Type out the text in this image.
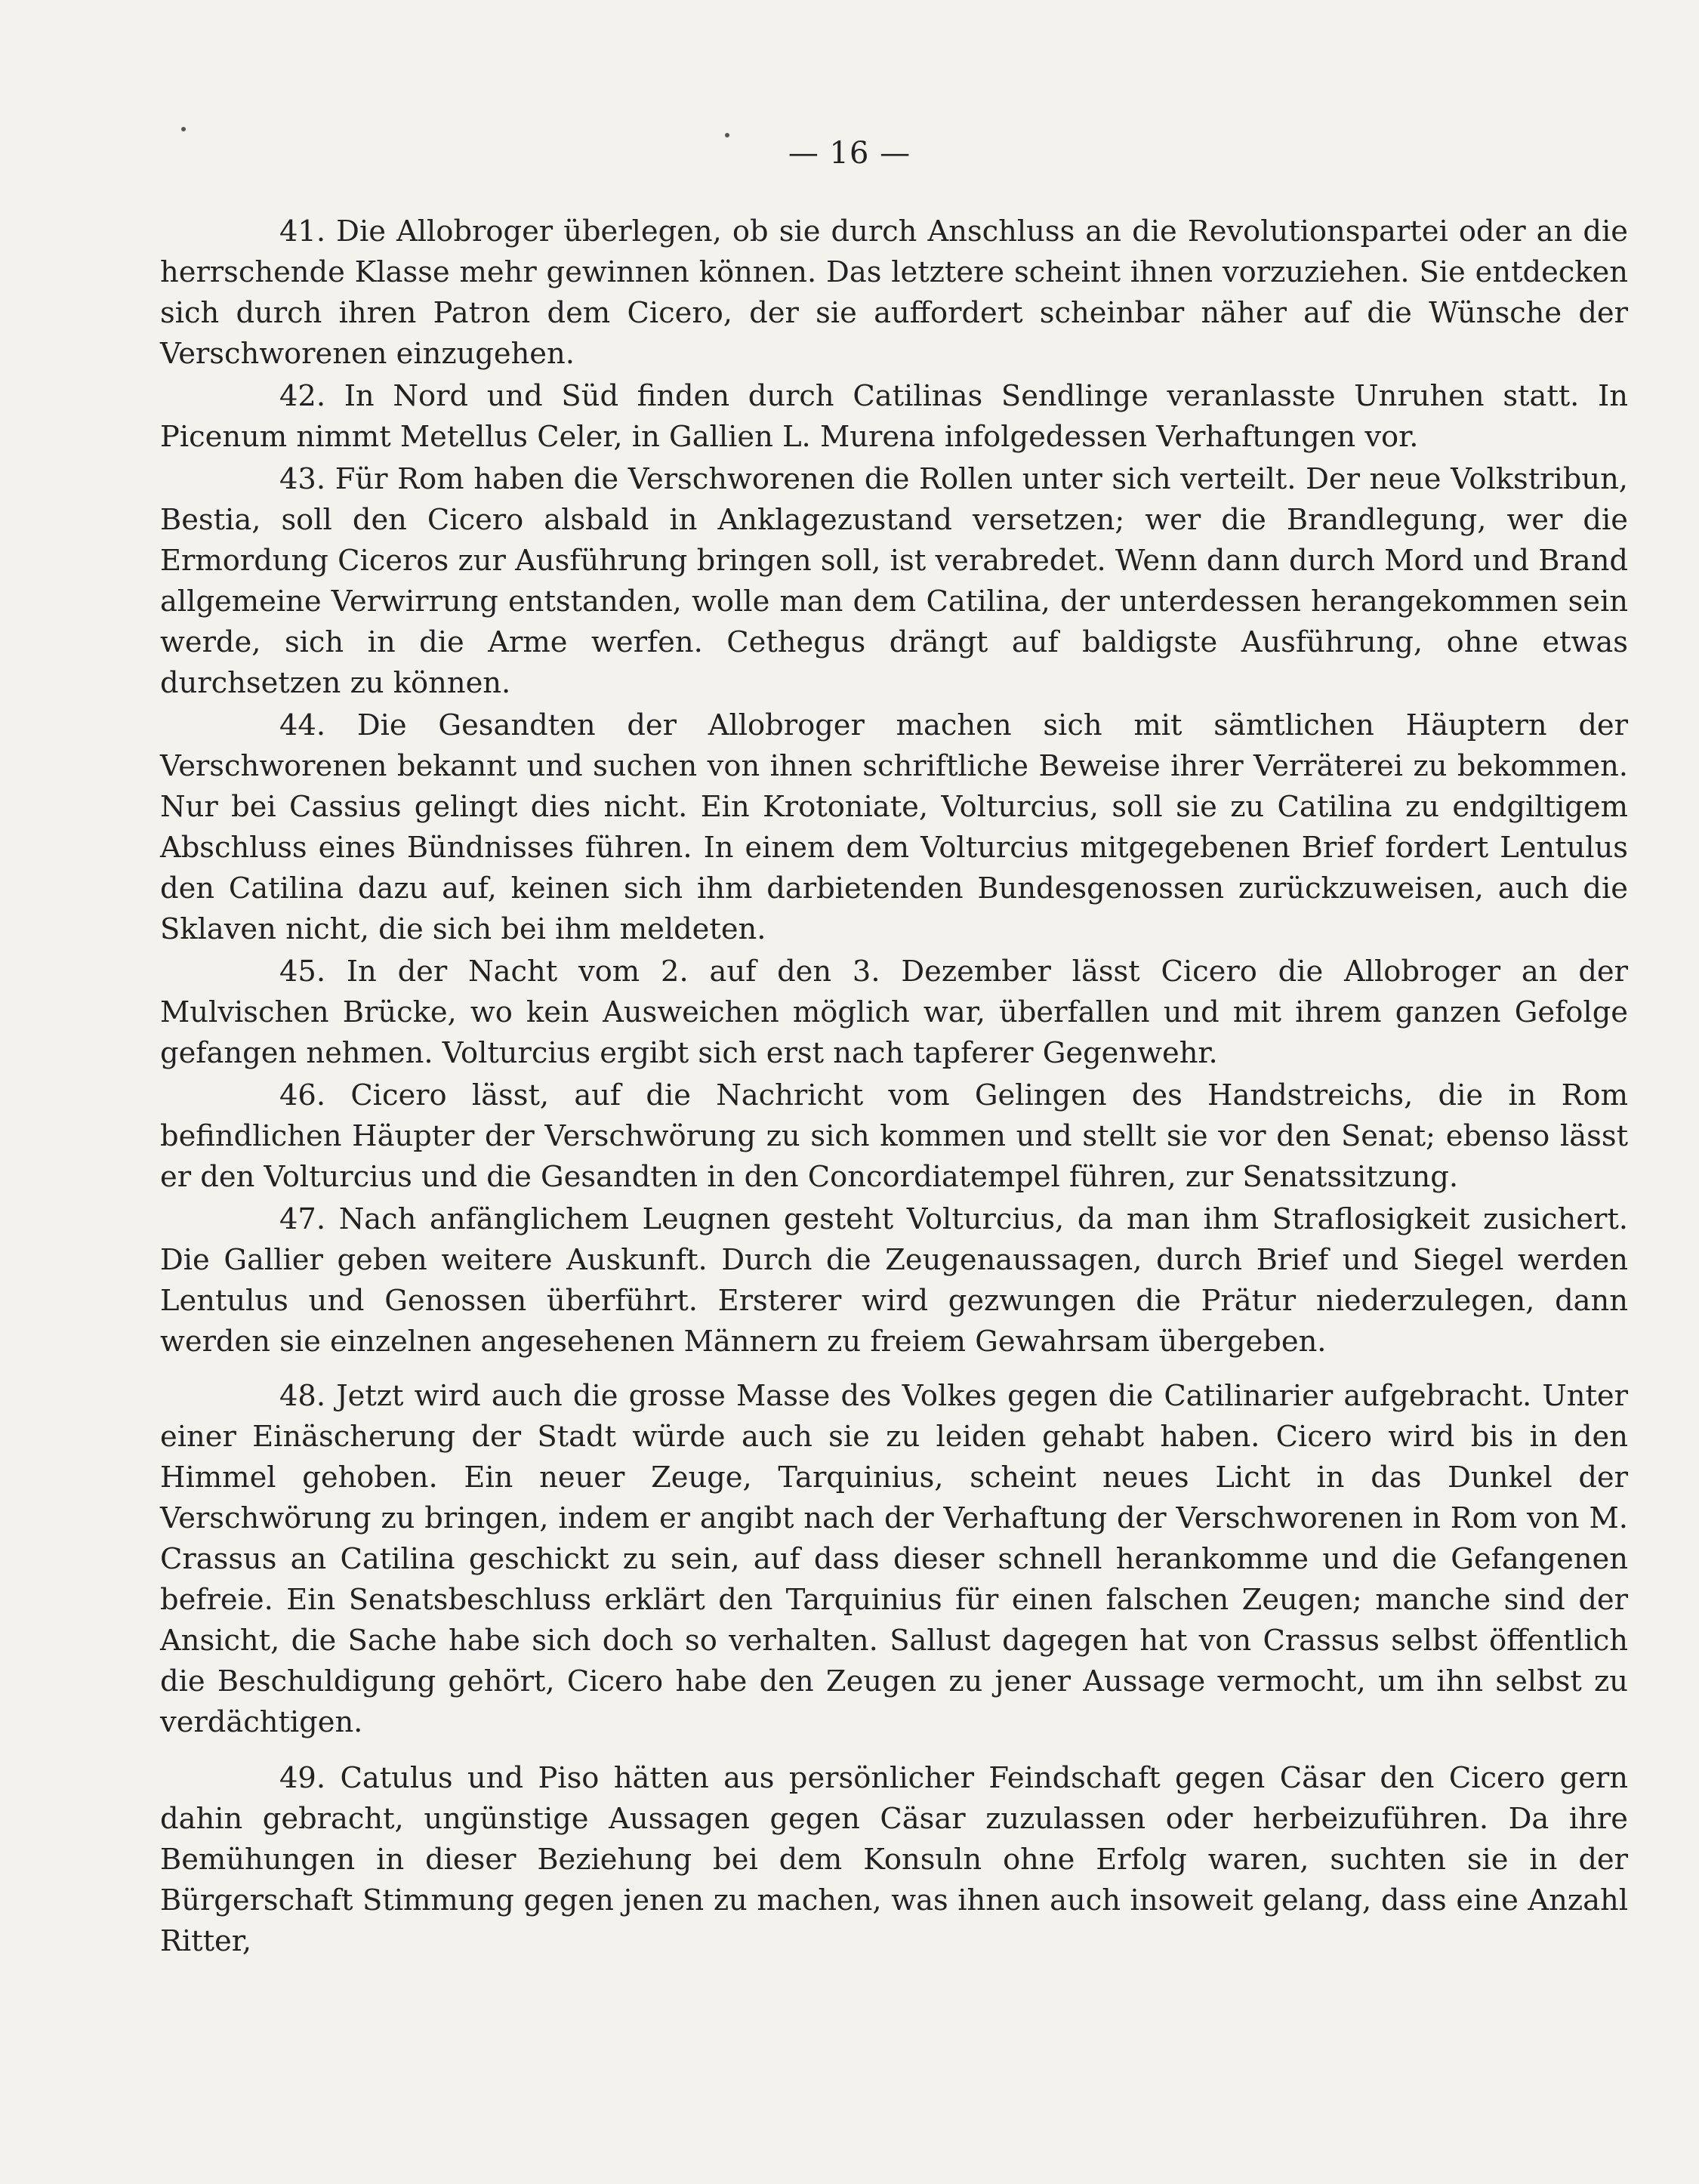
— 16 —

41. Die Allobroger überlegen, ob sie durch Anschluss an die Revolutionspartei oder an die herrschende Klasse mehr gewinnen können. Das letztere scheint ihnen vorzuziehen. Sie entdecken sich durch ihren Patron dem Cicero, der sie auffordert scheinbar näher auf die Wünsche der Verschworenen einzugehen.

42. In Nord und Süd finden durch Catilinas Sendlinge veranlasste Unruhen statt. In Picenum nimmt Metellus Celer, in Gallien L. Murena infolgedessen Verhaftungen vor.

43. Für Rom haben die Verschworenen die Rollen unter sich verteilt. Der neue Volkstribun, Bestia, soll den Cicero alsbald in Anklagezustand versetzen; wer die Brandlegung, wer die Ermordung Ciceros zur Ausführung bringen soll, ist verabredet. Wenn dann durch Mord und Brand allgemeine Verwirrung entstanden, wolle man dem Catilina, der unterdessen herangekommen sein werde, sich in die Arme werfen. Cethegus drängt auf baldigste Ausführung, ohne etwas durchsetzen zu können.

44. Die Gesandten der Allobroger machen sich mit sämtlichen Häuptern der Verschworenen bekannt und suchen von ihnen schriftliche Beweise ihrer Verräterei zu bekommen. Nur bei Cassius gelingt dies nicht. Ein Krotoniate, Volturcius, soll sie zu Catilina zu endgiltigem Abschluss eines Bündnisses führen. In einem dem Volturcius mitgegebenen Brief fordert Lentulus den Catilina dazu auf, keinen sich ihm darbietenden Bundesgenossen zurückzuweisen, auch die Sklaven nicht, die sich bei ihm meldeten.

45. In der Nacht vom 2. auf den 3. Dezember lässt Cicero die Allobroger an der Mulvischen Brücke, wo kein Ausweichen möglich war, überfallen und mit ihrem ganzen Gefolge gefangen nehmen. Volturcius ergibt sich erst nach tapferer Gegenwehr.

46. Cicero lässt, auf die Nachricht vom Gelingen des Handstreichs, die in Rom befindlichen Häupter der Verschwörung zu sich kommen und stellt sie vor den Senat; ebenso lässt er den Volturcius und die Gesandten in den Concordiatempel führen, zur Senatssitzung.

47. Nach anfänglichem Leugnen gesteht Volturcius, da man ihm Straflosigkeit zusichert. Die Gallier geben weitere Auskunft. Durch die Zeugenaussagen, durch Brief und Siegel werden Lentulus und Genossen überführt. Ersterer wird gezwungen die Prätur niederzulegen, dann werden sie einzelnen angesehenen Männern zu freiem Gewahrsam übergeben.

48. Jetzt wird auch die grosse Masse des Volkes gegen die Catilinarier aufgebracht. Unter einer Einäscherung der Stadt würde auch sie zu leiden gehabt haben. Cicero wird bis in den Himmel gehoben. Ein neuer Zeuge, Tarquinius, scheint neues Licht in das Dunkel der Verschwörung zu bringen, indem er angibt nach der Verhaftung der Verschworenen in Rom von M. Crassus an Catilina geschickt zu sein, auf dass dieser schnell herankomme und die Gefangenen befreie. Ein Senatsbeschluss erklärt den Tarquinius für einen falschen Zeugen; manche sind der Ansicht, die Sache habe sich doch so verhalten. Sallust dagegen hat von Crassus selbst öffentlich die Beschuldigung gehört, Cicero habe den Zeugen zu jener Aussage vermocht, um ihn selbst zu verdächtigen.

49. Catulus und Piso hätten aus persönlicher Feindschaft gegen Cäsar den Cicero gern dahin gebracht, ungünstige Aussagen gegen Cäsar zuzulassen oder herbeizuführen. Da ihre Bemühungen in dieser Beziehung bei dem Konsuln ohne Erfolg waren, suchten sie in der Bürgerschaft Stimmung gegen jenen zu machen, was ihnen auch insoweit gelang, dass eine Anzahl Ritter,
